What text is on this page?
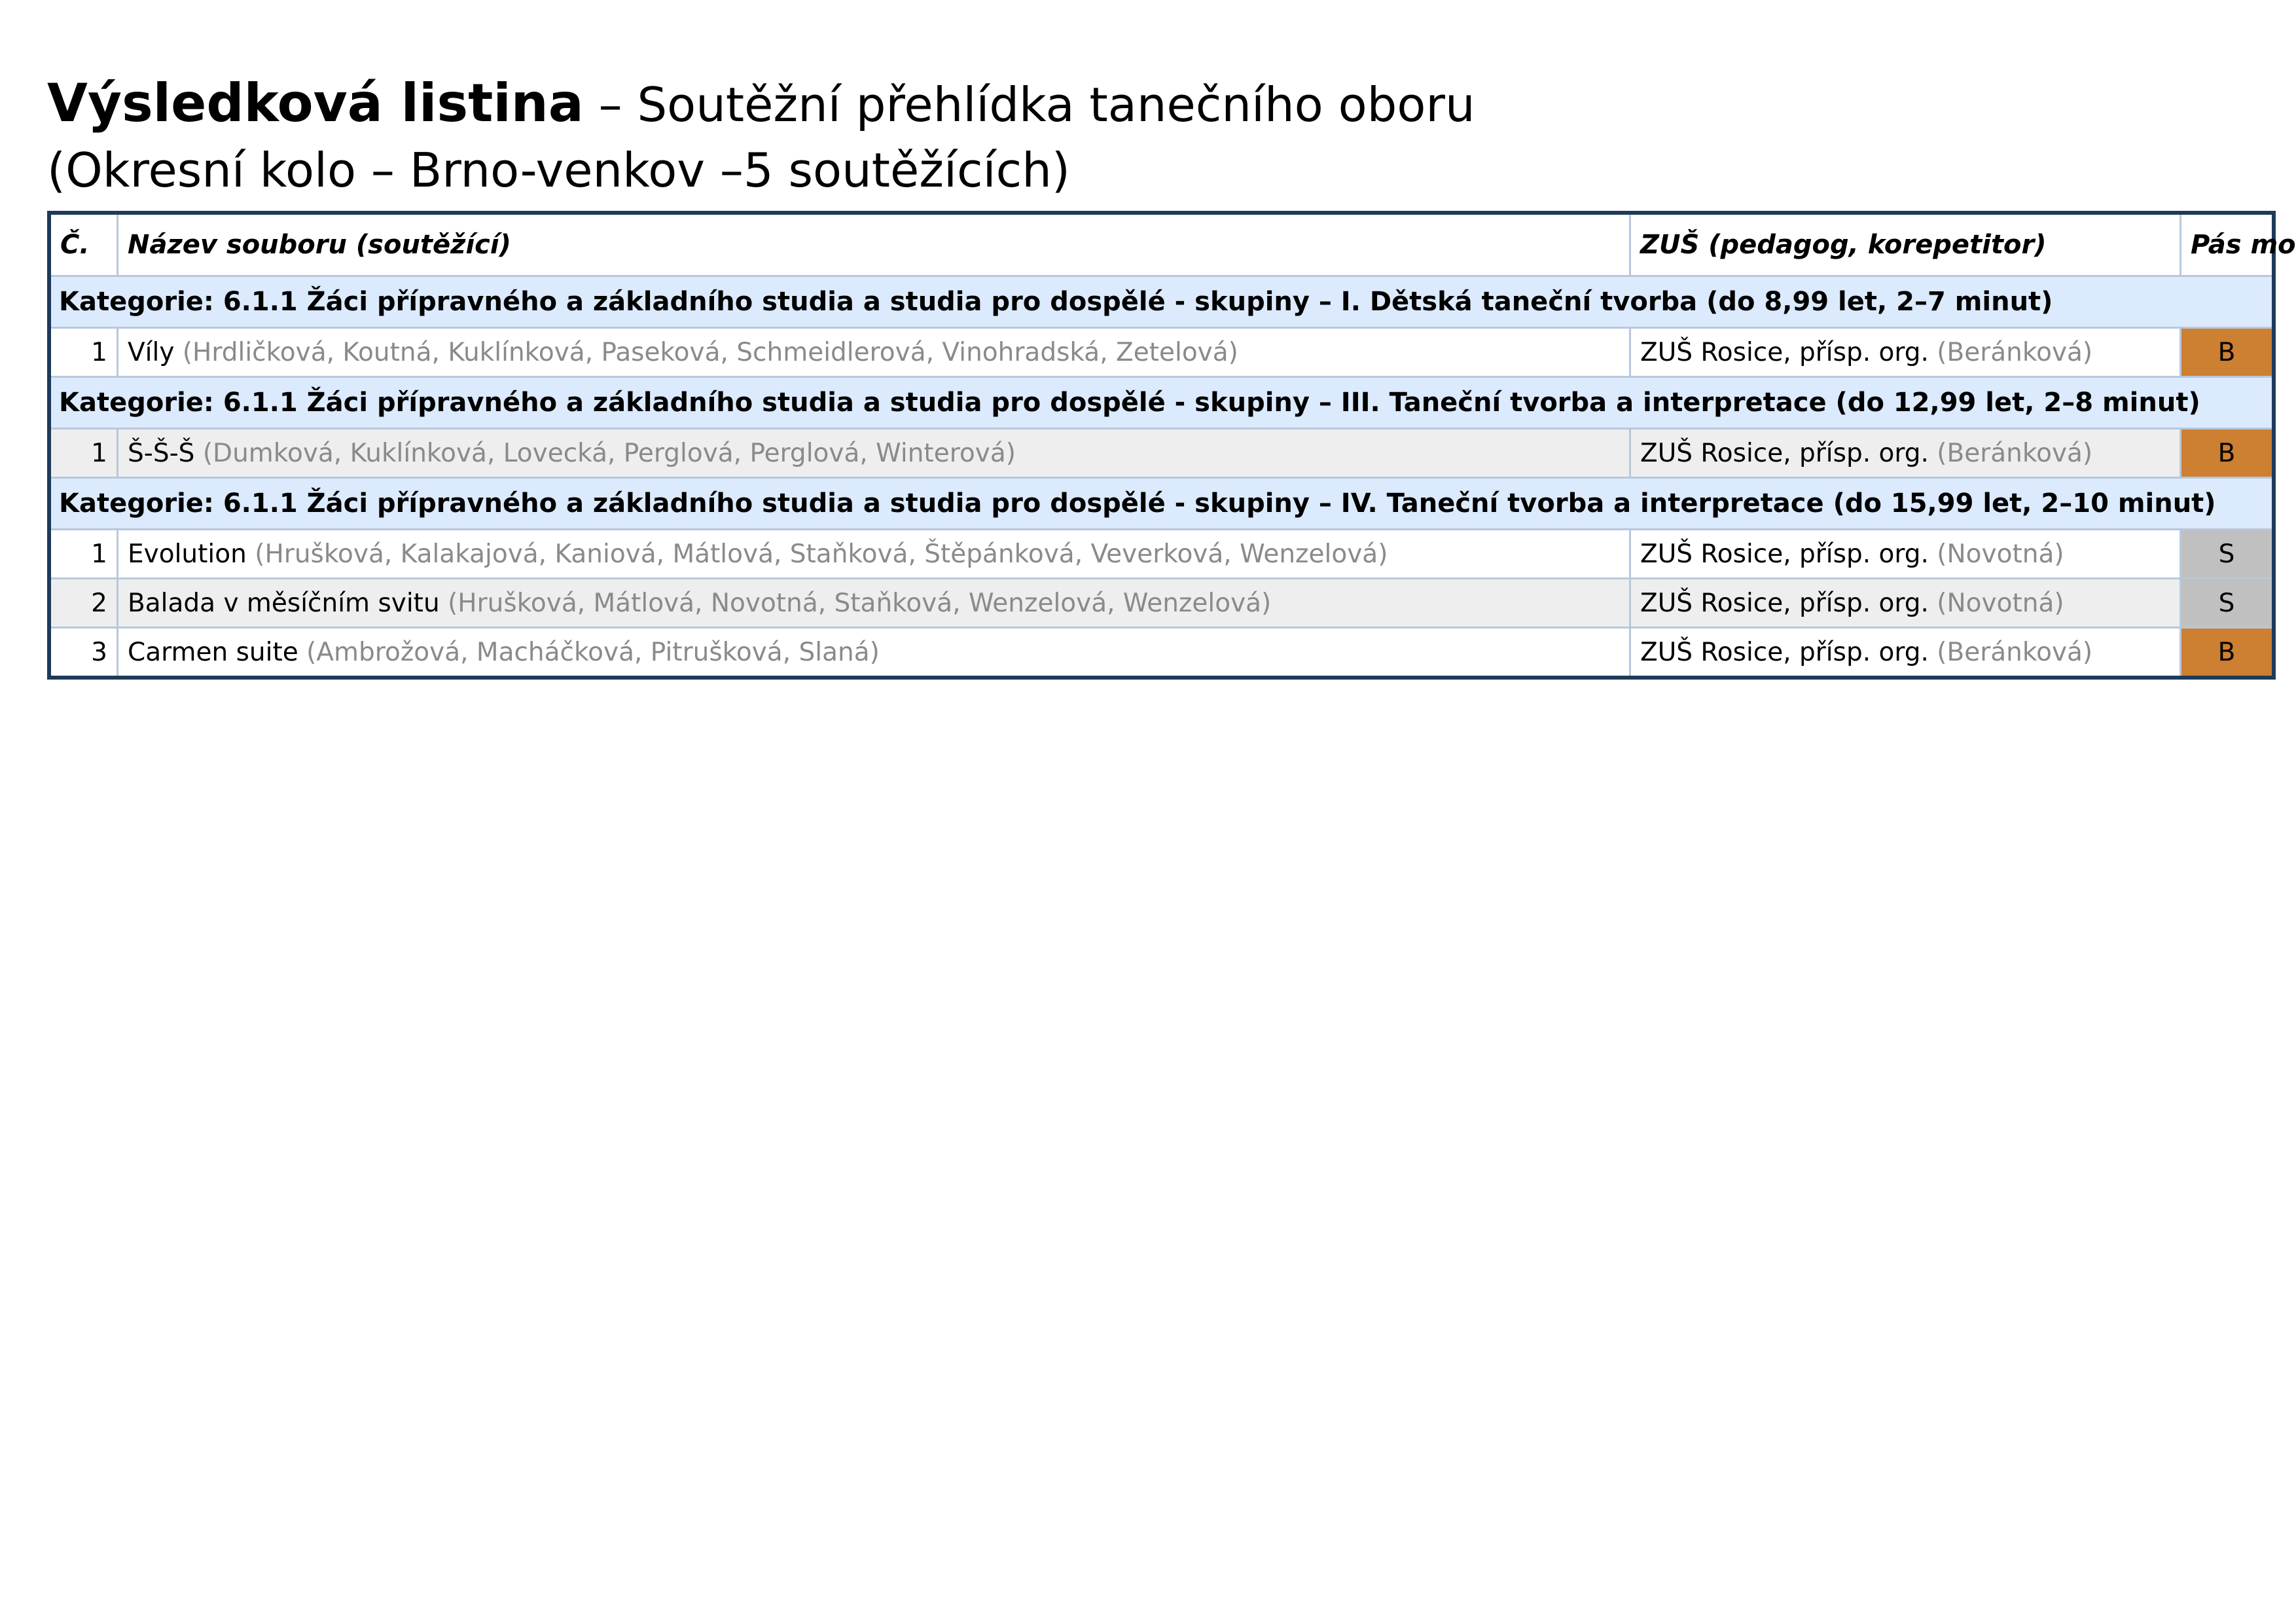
Výsledková listina – Soutěžní přehlídka tanečního oboru
(Okresní kolo – Brno-venkov –5 soutěžících)
Č.	Název souboru (soutěžící)	ZUŠ (pedagog, korepetitor)	Pás mo
Kategorie: 6.1.1 Žáci přípravného a základního studia a studia pro dospělé - skupiny – I. Dětská taneční tvorba (do 8,99 let, 2–7 minut)			
1	Víly (Hrdličková, Koutná, Kuklínková, Paseková, Schmeidlerová, Vinohradská, Zetelová)	ZUŠ Rosice, přísp. org. (Beránková)	B
Kategorie: 6.1.1 Žáci přípravného a základního studia a studia pro dospělé - skupiny – III. Taneční tvorba a interpretace (do 12,99 let, 2–8 minut)			
1	Š-Š-Š (Dumková, Kuklínková, Lovecká, Perglová, Perglová, Winterová)	ZUŠ Rosice, přísp. org. (Beránková)	B
Kategorie: 6.1.1 Žáci přípravného a základního studia a studia pro dospělé - skupiny – IV. Taneční tvorba a interpretace (do 15,99 let, 2–10 minut)			
1	Evolution (Hrušková, Kalakajová, Kaniová, Mátlová, Staňková, Štěpánková, Veverková, Wenzelová)	ZUŠ Rosice, přísp. org. (Novotná)	S
2	Balada v měsíčním svitu (Hrušková, Mátlová, Novotná, Staňková, Wenzelová, Wenzelová)	ZUŠ Rosice, přísp. org. (Novotná)	S
3	Carmen suite (Ambrožová, Macháčková, Pitrušková, Slaná)	ZUŠ Rosice, přísp. org. (Beránková)	B
